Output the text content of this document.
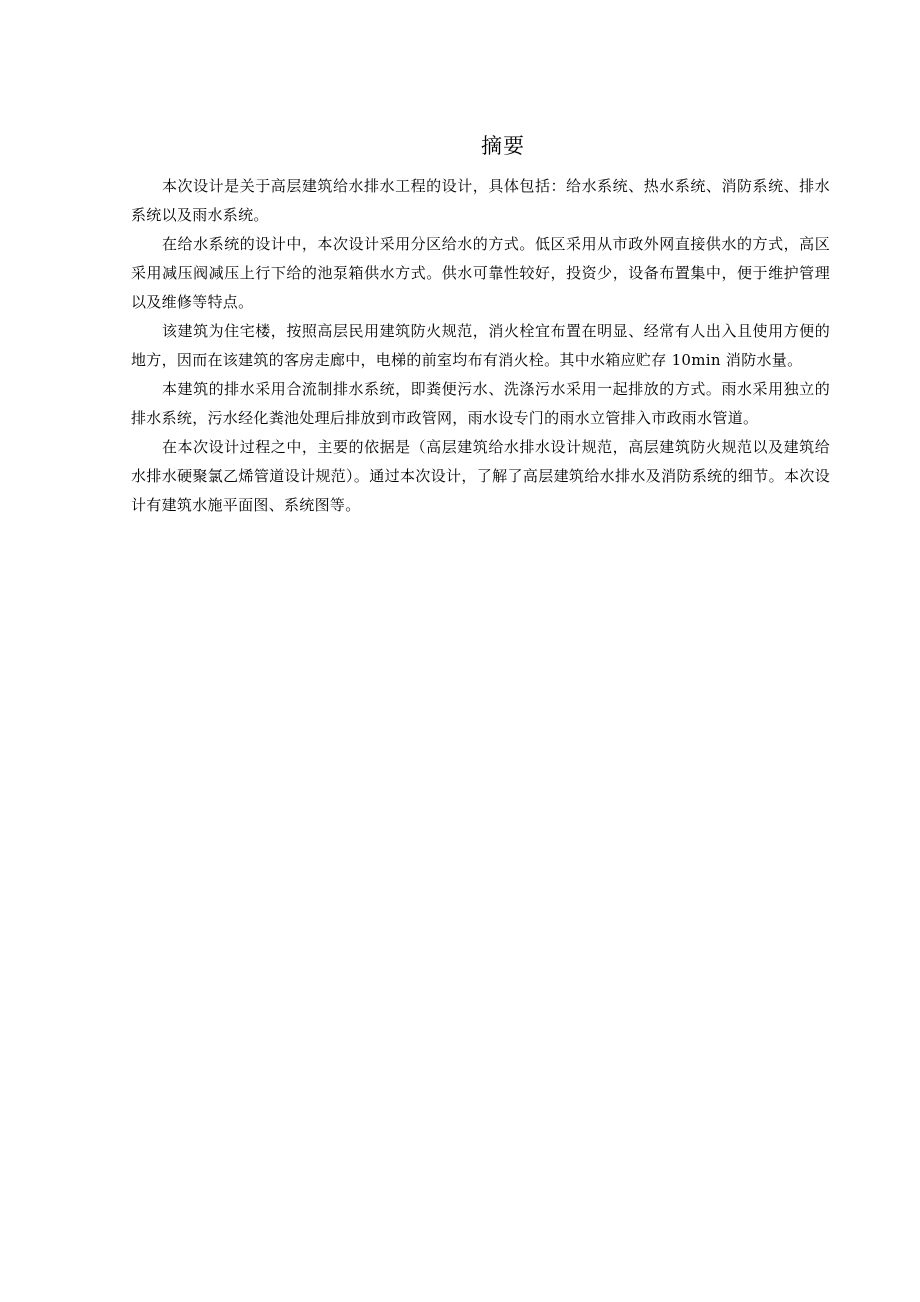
摘要

本次设计是关于高层建筑给水排水工程的设计，具体包括：给水系统、热水系统、消防系统、排水系统以及雨水系统。

在给水系统的设计中，本次设计采用分区给水的方式。低区采用从市政外网直接供水的方式，高区采用减压阀减压上行下给的池泵箱供水方式。供水可靠性较好，投资少，设备布置集中，便于维护管理以及维修等特点。

该建筑为住宅楼，按照高层民用建筑防火规范，消火栓宜布置在明显、经常有人出入且使用方便的地方，因而在该建筑的客房走廊中，电梯的前室均布有消火栓。其中水箱应贮存 10min 消防水量。

本建筑的排水采用合流制排水系统，即粪便污水、洗涤污水采用一起排放的方式。雨水采用独立的排水系统，污水经化粪池处理后排放到市政管网，雨水设专门的雨水立管排入市政雨水管道。

在本次设计过程之中，主要的依据是（高层建筑给水排水设计规范，高层建筑防火规范以及建筑给水排水硬聚氯乙烯管道设计规范）。通过本次设计，了解了高层建筑给水排水及消防系统的细节。本次设计有建筑水施平面图、系统图等。
